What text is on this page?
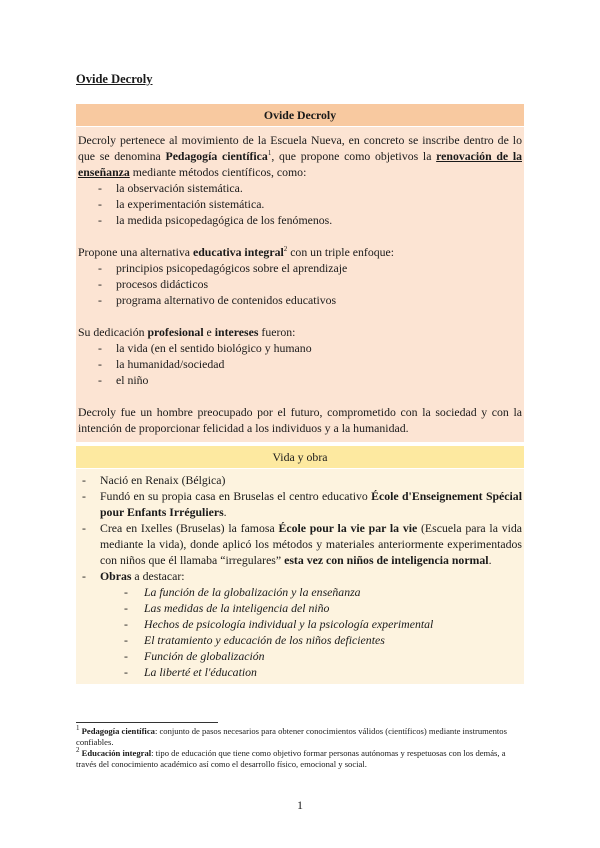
Ovide Decroly
Ovide Decroly

Decroly pertenece al movimiento de la Escuela Nueva, en concreto se inscribe dentro de lo que se denomina Pedagogía científica$^1$, que propone como objetivos la renovación de la enseñanza mediante métodos científicos, como:

- la observación sistemática.
- la experimentación sistemática.
- la medida psicopedagógica de los fenómenos.

Propone una alternativa educativa integral$^2$ con un triple enfoque:

- principios psicopedagógicos sobre el aprendizaje
- procesos didácticos
- programa alternativo de contenidos educativos

Su dedicación profesional e intereses fueron:

- la vida (en el sentido biológico y humano
- la humanidad/sociedad
- el niño

Decroly fue un hombre preocupado por el futuro, comprometido con la sociedad y con la intención de proporcionar felicidad a los individuos y a la humanidad.

Vida y obra
- Nació en Renaix (Bélgica)
- Fundó en su propia casa en Bruselas el centro educativo École d'Enseignement Spécial pour Enfants Irréguliers.
- Crea en Ixelles (Bruselas) la famosa École pour la vie par la vie (Escuela para la vida mediante la vida), donde aplicó los métodos y materiales anteriormente experimentados con niños que él llamaba “irregulares” esta vez con niños de inteligencia normal.
- Obras a destacar:
- La función de la globalización y la enseñanza
- Las medidas de la inteligencia del niño
- Hechos de psicología individual y la psicología experimental
- El tratamiento y educación de los niños deficientes
- Función de globalización
- La liberté et l'éducation

$^1$ Pedagogía científica: conjunto de pasos necesarios para obtener conocimientos válidos (científicos) mediante instrumentos confiables.

$^2$ Educación integral: tipo de educación que tiene como objetivo formar personas autónomas y respetuosas con los demás, a través del conocimiento académico así como el desarrollo físico, emocional y social.

1
